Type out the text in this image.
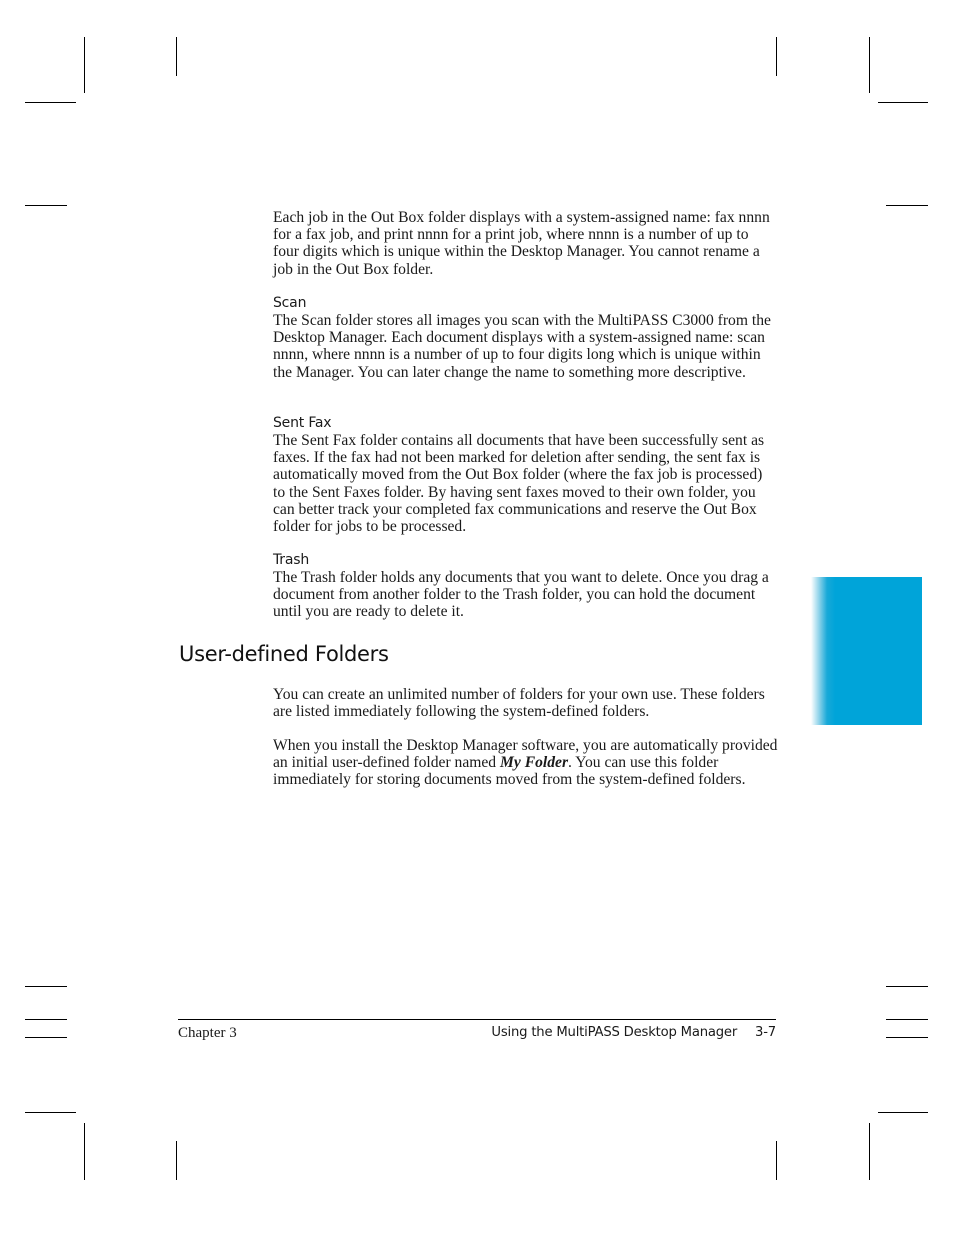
Each job in the Out Box folder displays with a system-assigned name: fax nnnn for a fax job, and print nnnn for a print job, where nnnn is a number of up to four digits which is unique within the Desktop Manager. You cannot rename a job in the Out Box folder.

Scan

The Scan folder stores all images you scan with the MultiPASS C3000 from the Desktop Manager. Each document displays with a system-assigned name: scan nnnn, where nnnn is a number of up to four digits long which is unique within the Manager. You can later change the name to something more descriptive.

Sent Fax

The Sent Fax folder contains all documents that have been successfully sent as faxes. If the fax had not been marked for deletion after sending, the sent fax is automatically moved from the Out Box folder (where the fax job is processed) to the Sent Faxes folder. By having sent faxes moved to their own folder, you can better track your completed fax communications and reserve the Out Box folder for jobs to be processed.

Trash

The Trash folder holds any documents that you want to delete. Once you drag a document from another folder to the Trash folder, you can hold the document until you are ready to delete it.

User-defined Folders

You can create an unlimited number of folders for your own use. These folders are listed immediately following the system-defined folders.

When you install the Desktop Manager software, you are automatically provided an initial user-defined folder named My Folder. You can use this folder immediately for storing documents moved from the system-defined folders.

Chapter 3	Using the MultiPASS Desktop Manager 3-7
